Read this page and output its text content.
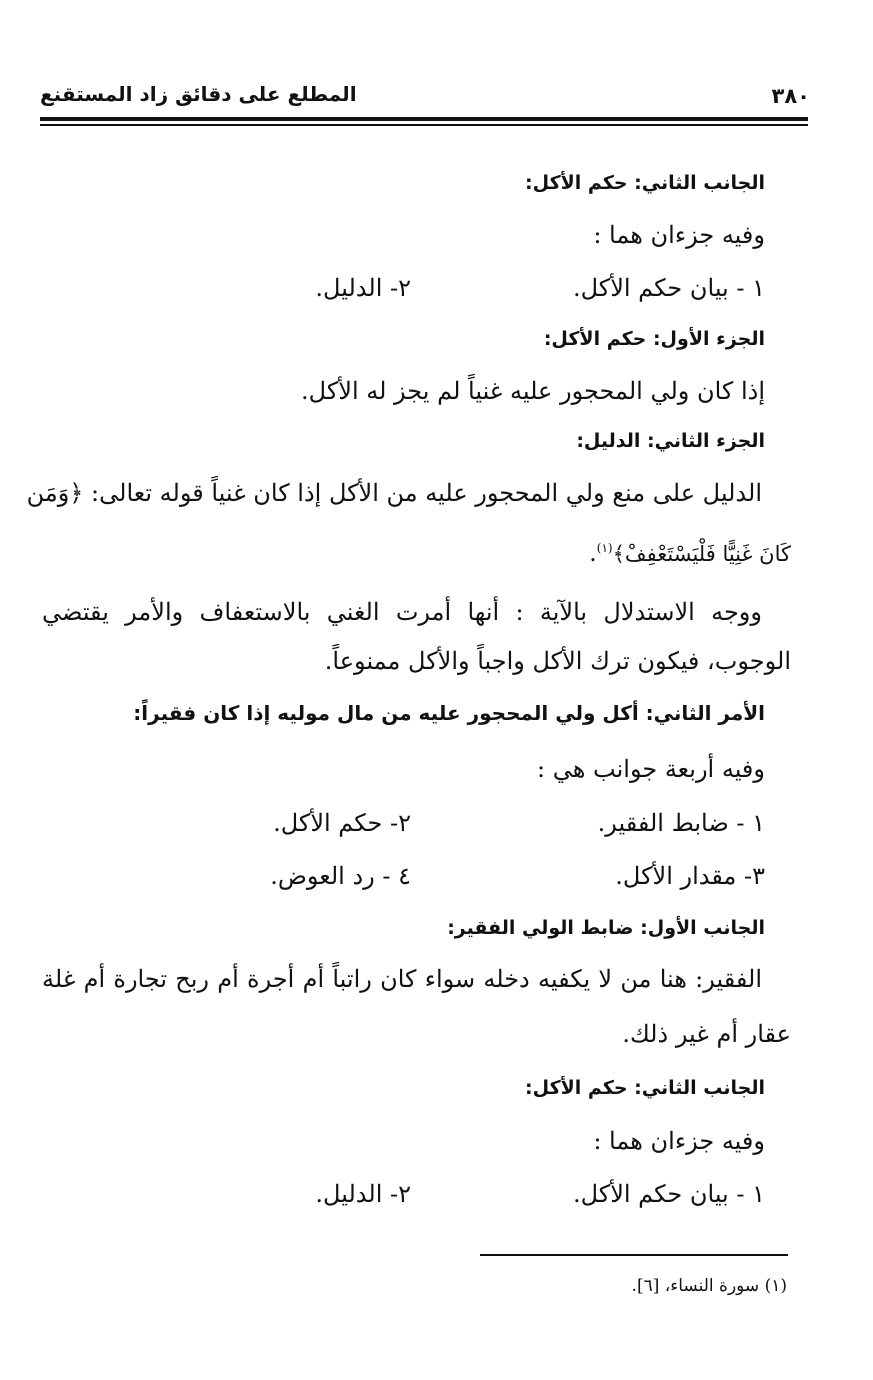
٣٨٠
المطلع على دقائق زاد المستقنع
الجانب الثاني: حكم الأكل:
وفيه جزءان هما :
١ - بيان حكم الأكل.
٢- الدليل.
الجزء الأول: حكم الأكل:
إذا كان ولي المحجور عليه غنياً لم يجز له الأكل.
الجزء الثاني: الدليل:
الدليل على منع ولي المحجور عليه من الأكل إذا كان غنياً قوله تعالى: ﴿وَمَن
كَانَ غَنِيًّا فَلْيَسْتَعْفِفْ﴾$^{(١)}$.
ووجه الاستدلال بالآية : أنها أمرت الغني بالاستعفاف والأمر يقتضي
الوجوب، فيكون ترك الأكل واجباً والأكل ممنوعاً.
الأمر الثاني: أكل ولي المحجور عليه من مال موليه إذا كان فقيراً:
وفيه أربعة جوانب هي :
١ - ضابط الفقير.
٢- حكم الأكل.
٣- مقدار الأكل.
٤ - رد العوض.
الجانب الأول: ضابط الولي الفقير:
الفقير: هنا من لا يكفيه دخله سواء كان راتباً أم أجرة أم ربح تجارة أم غلة
عقار أم غير ذلك.
الجانب الثاني: حكم الأكل:
وفيه جزءان هما :
١ - بيان حكم الأكل.
٢- الدليل.
(١) سورة النساء، [٦].
